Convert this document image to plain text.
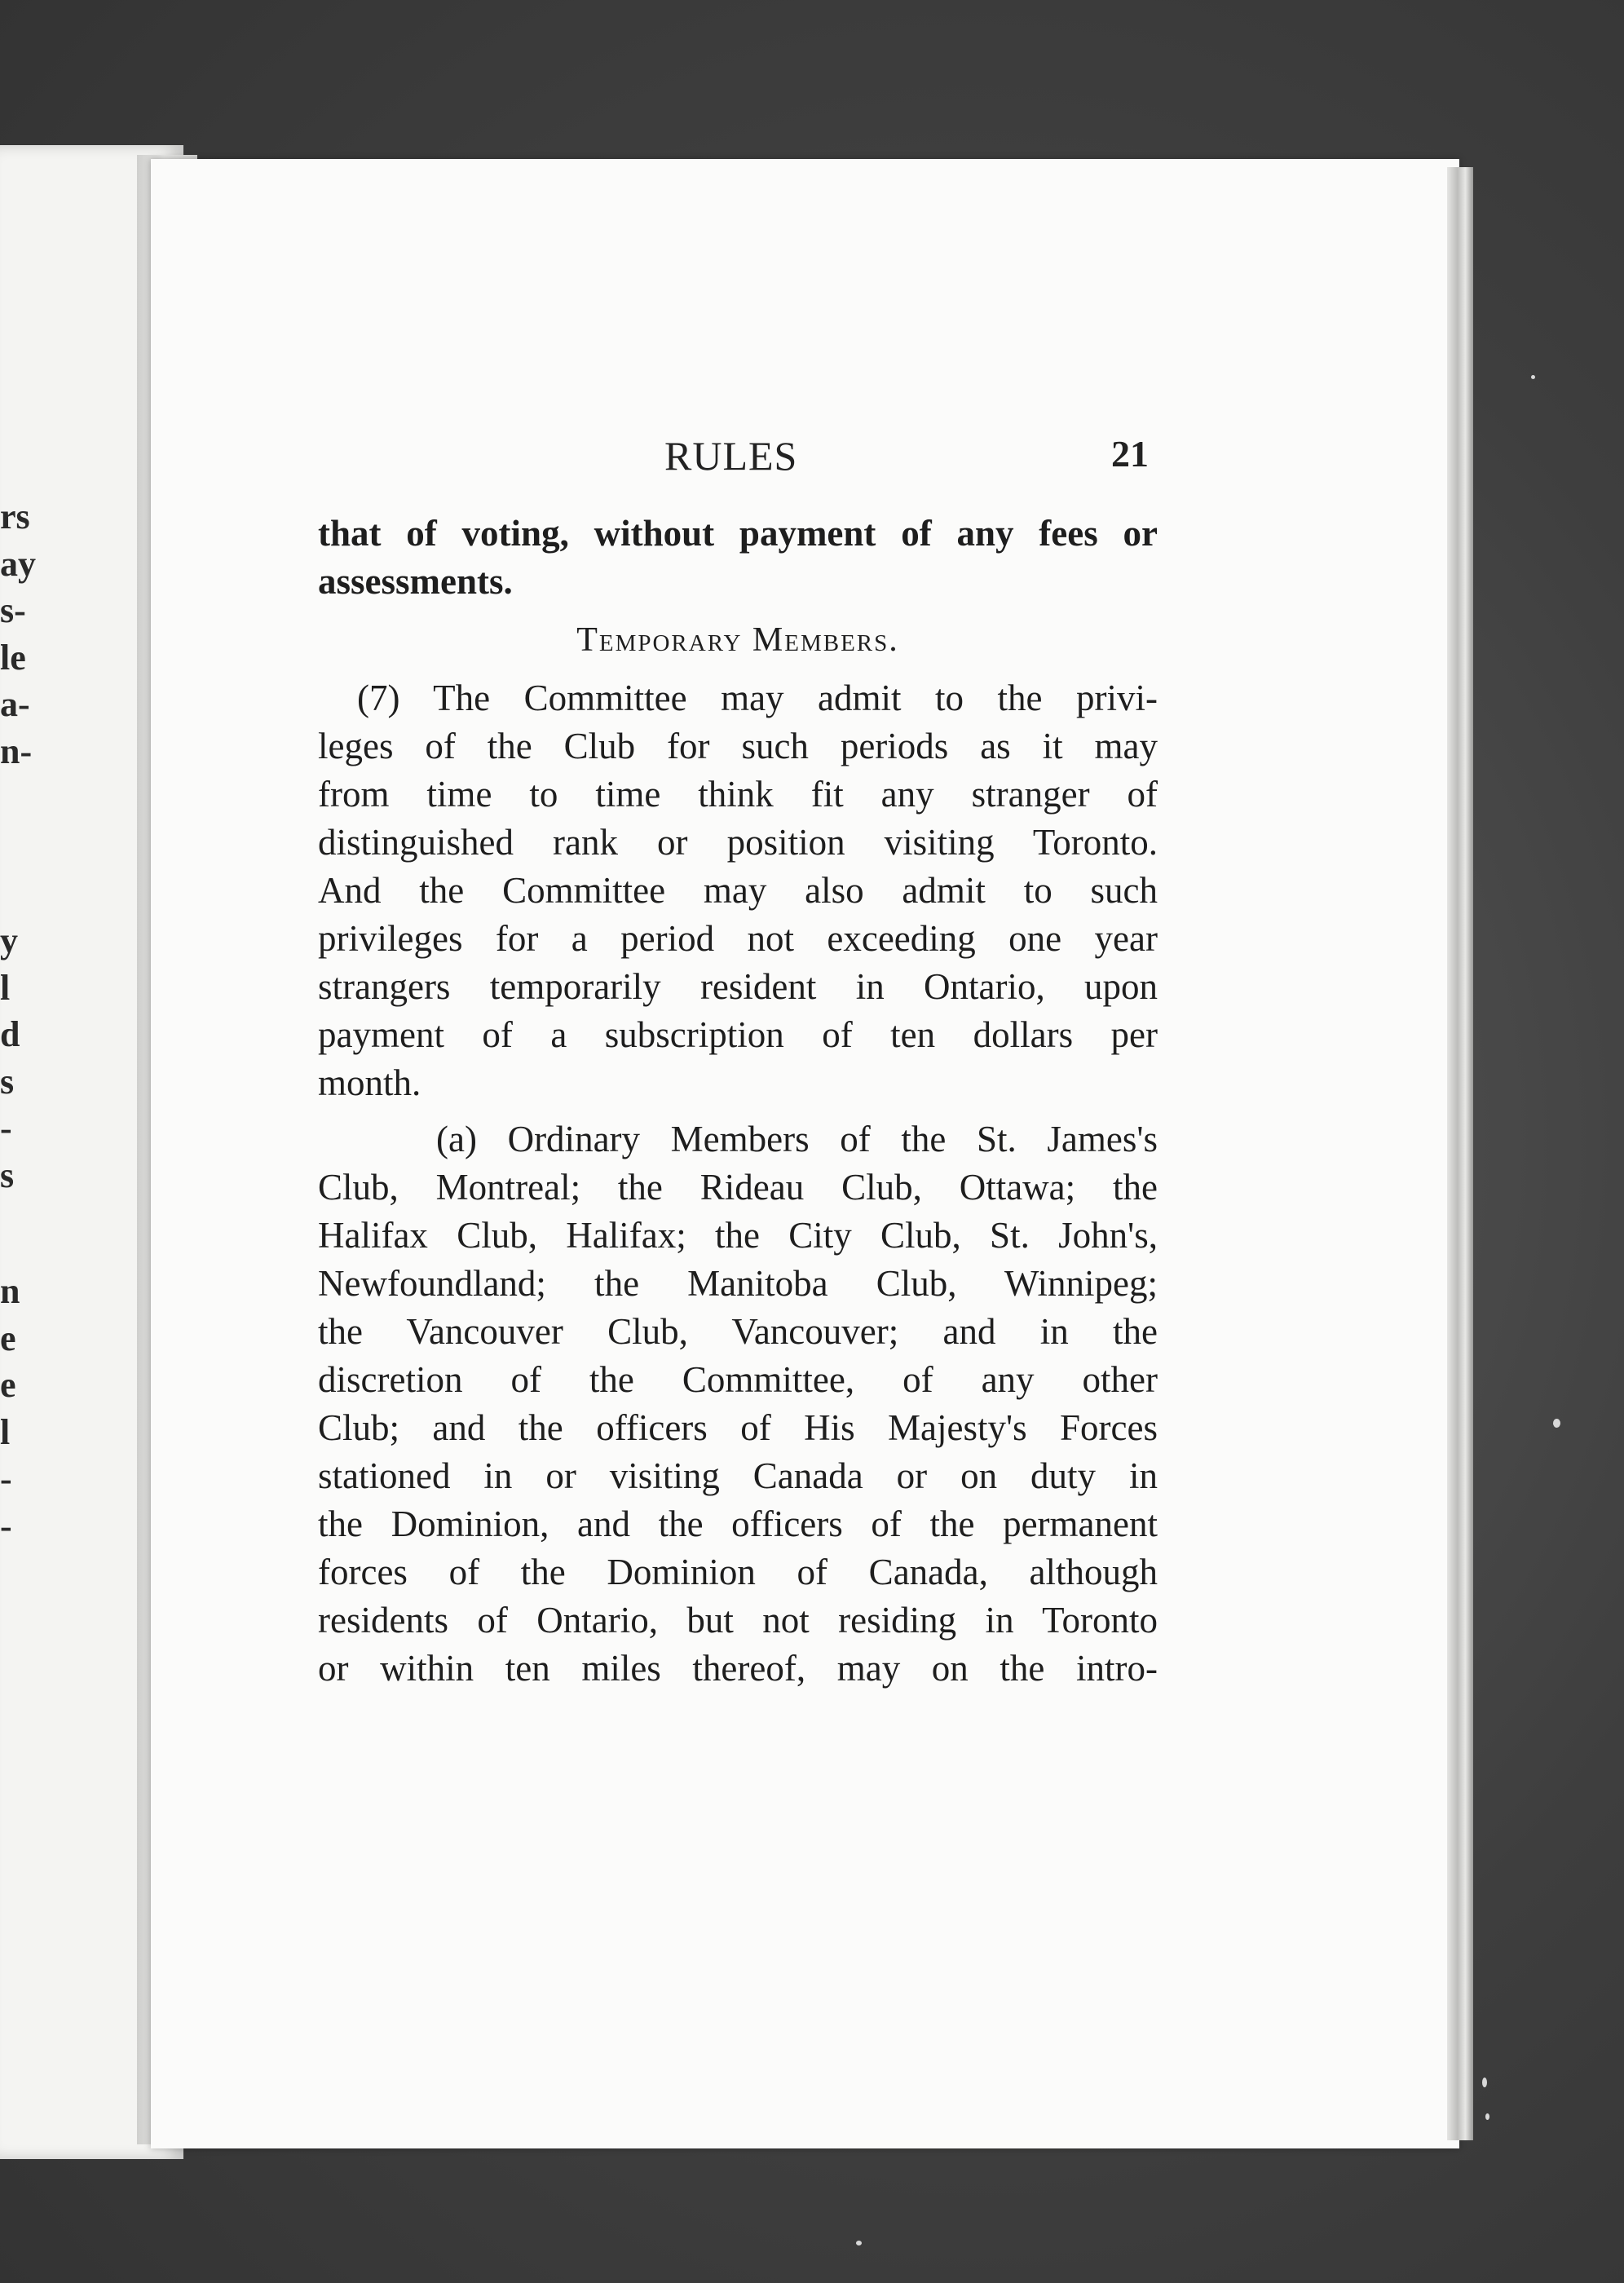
rs
ay
s-
le
a-
n-
y
l
d
s
-
s
n
e
e
l
-
-
RULES	21
that of voting, without payment of any fees or
assessments.
Temporary Members.
(7) The Committee may admit to the privi-
leges of the Club for such periods as it may
from time to time think fit any stranger of
distinguished rank or position visiting Toronto.
And the Committee may also admit to such
privileges for a period not exceeding one year
strangers temporarily resident in Ontario, upon
payment of a subscription of ten dollars per
month.
(a) Ordinary Members of the St. James's
Club, Montreal; the Rideau Club, Ottawa; the
Halifax Club, Halifax; the City Club, St. John's,
Newfoundland; the Manitoba Club, Winnipeg;
the Vancouver Club, Vancouver; and in the
discretion of the Committee, of any other
Club; and the officers of His Majesty's Forces
stationed in or visiting Canada or on duty in
the Dominion, and the officers of the permanent
forces of the Dominion of Canada, although
residents of Ontario, but not residing in Toronto
or within ten miles thereof, may on the intro-
